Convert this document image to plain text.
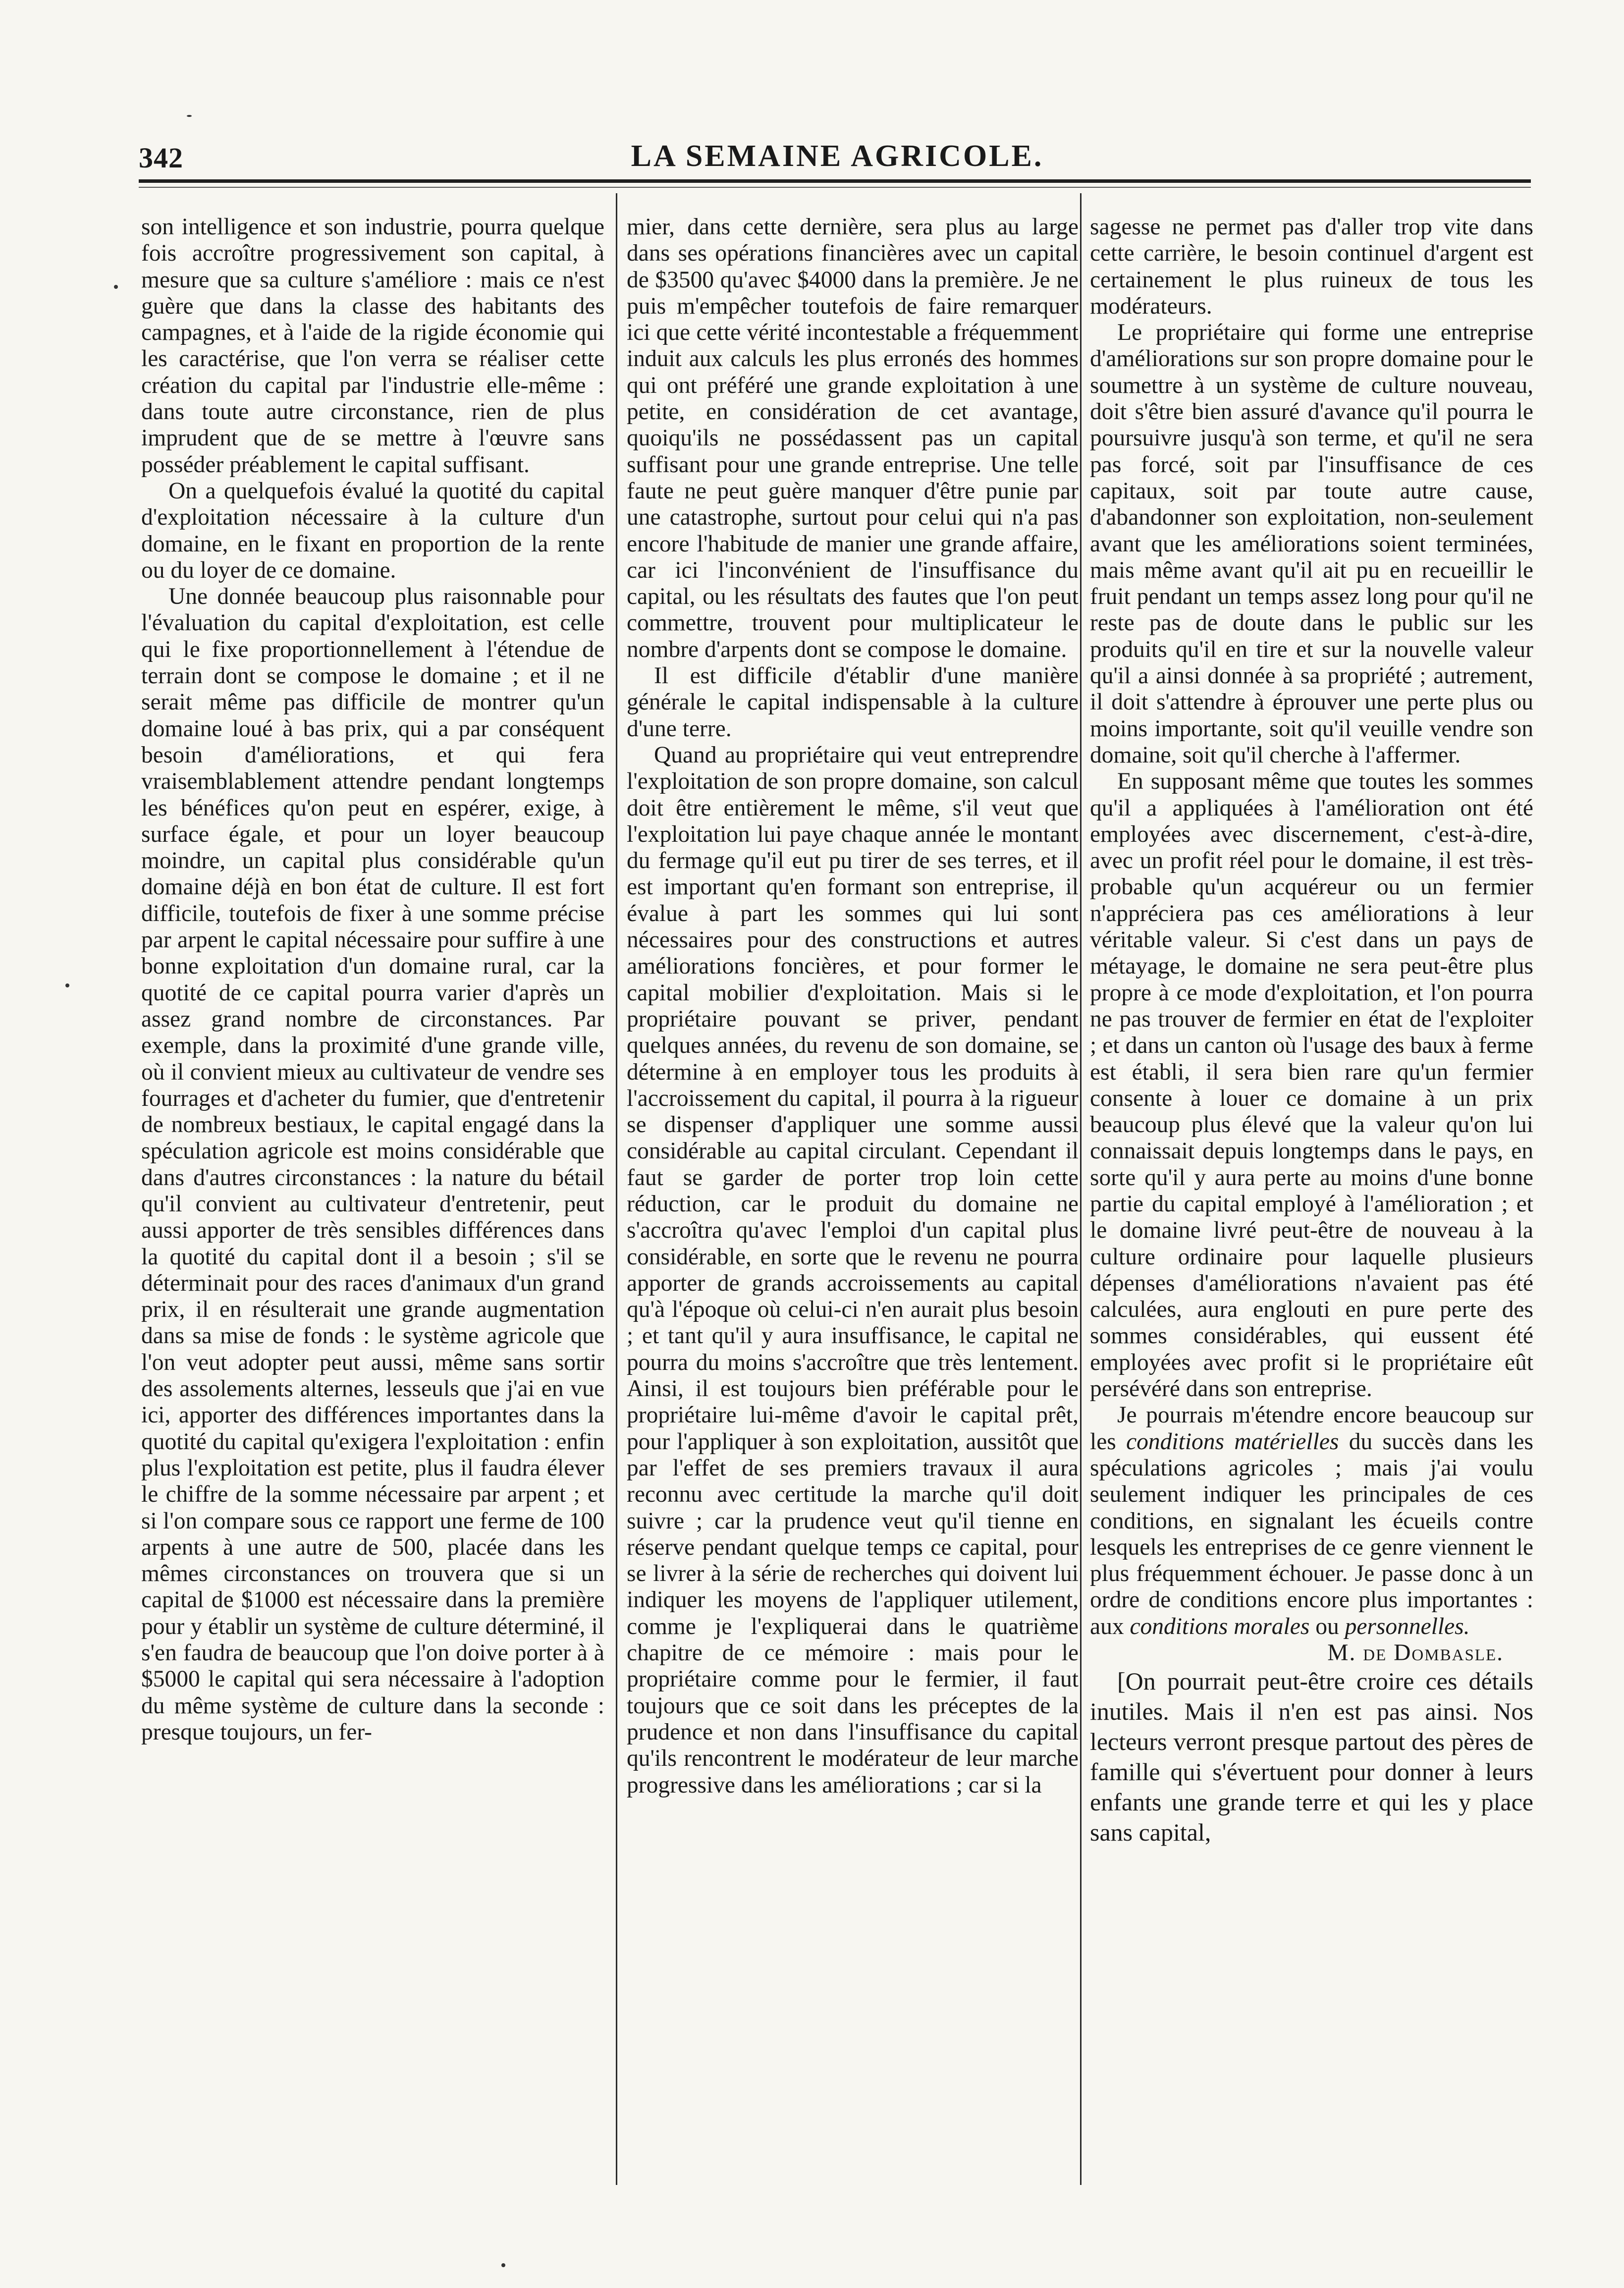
342	LA SEMAINE AGRICOLE.

son intelligence et son industrie, pourra quelque fois accroître progressivement son capital, à mesure que sa culture s'améliore : mais ce n'est guère que dans la classe des habitants des campagnes, et à l'aide de la rigide économie qui les caractérise, que l'on verra se réaliser cette création du capital par l'industrie elle-même : dans toute autre circonstance, rien de plus imprudent que de se mettre à l'œuvre sans posséder préablement le capital suffisant.

On a quelquefois évalué la quotité du capital d'exploitation nécessaire à la culture d'un domaine, en le fixant en proportion de la rente ou du loyer de ce domaine.

Une donnée beaucoup plus raisonnable pour l'évaluation du capital d'exploitation, est celle qui le fixe proportionnellement à l'étendue de terrain dont se compose le domaine ; et il ne serait même pas difficile de montrer qu'un domaine loué à bas prix, qui a par conséquent besoin d'améliorations, et qui fera vraisemblablement attendre pendant longtemps les bénéfices qu'on peut en espérer, exige, à surface égale, et pour un loyer beaucoup moindre, un capital plus considérable qu'un domaine déjà en bon état de culture. Il est fort difficile, toutefois de fixer à une somme précise par arpent le capital nécessaire pour suffire à une bonne exploitation d'un domaine rural, car la quotité de ce capital pourra varier d'après un assez grand nombre de circonstances. Par exemple, dans la proximité d'une grande ville, où il convient mieux au cultivateur de vendre ses fourrages et d'acheter du fumier, que d'entretenir de nombreux bestiaux, le capital engagé dans la spéculation agricole est moins considérable que dans d'autres circonstances : la nature du bétail qu'il convient au cultivateur d'entretenir, peut aussi apporter de très sensibles différences dans la quotité du capital dont il a besoin ; s'il se déterminait pour des races d'animaux d'un grand prix, il en résulterait une grande augmentation dans sa mise de fonds : le système agricole que l'on veut adopter peut aussi, même sans sortir des assolements alternes, lesseuls que j'ai en vue ici, apporter des différences importantes dans la quotité du capital qu'exigera l'exploitation : enfin plus l'exploitation est petite, plus il faudra élever le chiffre de la somme nécessaire par arpent ; et si l'on compare sous ce rapport une ferme de 100 arpents à une autre de 500, placée dans les mêmes circonstances on trouvera que si un capital de $1000 est nécessaire dans la première pour y établir un système de culture déterminé, il s'en faudra de beaucoup que l'on doive porter à à $5000 le capital qui sera nécessaire à l'adoption du même système de culture dans la seconde : presque toujours, un fer-

mier, dans cette dernière, sera plus au large dans ses opérations financières avec un capital de $3500 qu'avec $4000 dans la première. Je ne puis m'empêcher toutefois de faire remarquer ici que cette vérité incontestable a fréquemment induit aux calculs les plus erronés des hommes qui ont préféré une grande exploitation à une petite, en considération de cet avantage, quoiqu'ils ne possédassent pas un capital suffisant pour une grande entreprise. Une telle faute ne peut guère manquer d'être punie par une catastrophe, surtout pour celui qui n'a pas encore l'habitude de manier une grande affaire, car ici l'inconvénient de l'insuffisance du capital, ou les résultats des fautes que l'on peut commettre, trouvent pour multiplicateur le nombre d'arpents dont se compose le domaine.

Il est difficile d'établir d'une manière générale le capital indispensable à la culture d'une terre.

Quand au propriétaire qui veut entreprendre l'exploitation de son propre domaine, son calcul doit être entièrement le même, s'il veut que l'exploitation lui paye chaque année le montant du fermage qu'il eut pu tirer de ses terres, et il est important qu'en formant son entreprise, il évalue à part les sommes qui lui sont nécessaires pour des constructions et autres améliorations foncières, et pour former le capital mobilier d'exploitation. Mais si le propriétaire pouvant se priver, pendant quelques années, du revenu de son domaine, se détermine à en employer tous les produits à l'accroissement du capital, il pourra à la rigueur se dispenser d'appliquer une somme aussi considérable au capital circulant. Cependant il faut se garder de porter trop loin cette réduction, car le produit du domaine ne s'accroîtra qu'avec l'emploi d'un capital plus considérable, en sorte que le revenu ne pourra apporter de grands accroissements au capital qu'à l'époque où celui-ci n'en aurait plus besoin ; et tant qu'il y aura insuffisance, le capital ne pourra du moins s'accroître que très lentement. Ainsi, il est toujours bien préférable pour le propriétaire lui-même d'avoir le capital prêt, pour l'appliquer à son exploitation, aussitôt que par l'effet de ses premiers travaux il aura reconnu avec certitude la marche qu'il doit suivre ; car la prudence veut qu'il tienne en réserve pendant quelque temps ce capital, pour se livrer à la série de recherches qui doivent lui indiquer les moyens de l'appliquer utilement, comme je l'expliquerai dans le quatrième chapitre de ce mémoire : mais pour le propriétaire comme pour le fermier, il faut toujours que ce soit dans les préceptes de la prudence et non dans l'insuffisance du capital qu'ils rencontrent le modérateur de leur marche progressive dans les améliorations ; car si la

sagesse ne permet pas d'aller trop vite dans cette carrière, le besoin continuel d'argent est certainement le plus ruineux de tous les modérateurs.

Le propriétaire qui forme une entreprise d'améliorations sur son propre domaine pour le soumettre à un système de culture nouveau, doit s'être bien assuré d'avance qu'il pourra le poursuivre jusqu'à son terme, et qu'il ne sera pas forcé, soit par l'insuffisance de ces capitaux, soit par toute autre cause, d'abandonner son exploitation, non-seulement avant que les améliorations soient terminées, mais même avant qu'il ait pu en recueillir le fruit pendant un temps assez long pour qu'il ne reste pas de doute dans le public sur les produits qu'il en tire et sur la nouvelle valeur qu'il a ainsi donnée à sa propriété ; autrement, il doit s'attendre à éprouver une perte plus ou moins importante, soit qu'il veuille vendre son domaine, soit qu'il cherche à l'affermer.

En supposant même que toutes les sommes qu'il a appliquées à l'amélioration ont été employées avec discernement, c'est-à-dire, avec un profit réel pour le domaine, il est très-probable qu'un acquéreur ou un fermier n'appréciera pas ces améliorations à leur véritable valeur. Si c'est dans un pays de métayage, le domaine ne sera peut-être plus propre à ce mode d'exploitation, et l'on pourra ne pas trouver de fermier en état de l'exploiter ; et dans un canton où l'usage des baux à ferme est établi, il sera bien rare qu'un fermier consente à louer ce domaine à un prix beaucoup plus élevé que la valeur qu'on lui connaissait depuis longtemps dans le pays, en sorte qu'il y aura perte au moins d'une bonne partie du capital employé à l'amélioration ; et le domaine livré peut-être de nouveau à la culture ordinaire pour laquelle plusieurs dépenses d'améliorations n'avaient pas été calculées, aura englouti en pure perte des sommes considérables, qui eussent été employées avec profit si le propriétaire eût persévéré dans son entreprise.

Je pourrais m'étendre encore beaucoup sur les conditions matérielles du succès dans les spéculations agricoles ; mais j'ai voulu seulement indiquer les principales de ces conditions, en signalant les écueils contre lesquels les entreprises de ce genre viennent le plus fréquemment échouer. Je passe donc à un ordre de conditions encore plus importantes : aux conditions morales ou personnelles.

M. de Dombasle.

[On pourrait peut-être croire ces détails inutiles. Mais il n'en est pas ainsi. Nos lecteurs verront presque partout des pères de famille qui s'évertuent pour donner à leurs enfants une grande terre et qui les y place sans capital,
